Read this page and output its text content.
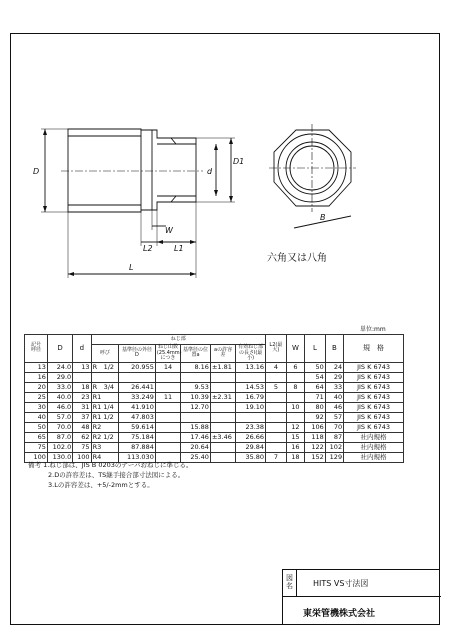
D	d
D1
L
L1
L2
W
B
六角又は八角
単位:mm
記号
呼径	D	d	ねじ部						L2(最大)	W	L	B	規　格
			呼び	基準径の外径D	ねじ山数(25.4mm)につき	基準径の位置a	aの許容差	有効ねじ部の長さl(最小)					
13	24.0	13	R　1/2	20.955	14	8.16	±1.81	13.16	4	6	50	24	JIS K 6743
16	29.0										54	29	JIS K 6743
20	33.0	18	R　3/4	26.441		9.53		14.53	5	8	64	33	JIS K 6743
25	40.0	23	R1	33.249	11	10.39	±2.31	16.79			71	40	JIS K 6743
30	46.0	31	R1 1/4	41.910		12.70		19.10		10	80	46	JIS K 6743
40	57.0	37	R1 1/2	47.803							92	57	JIS K 6743
50	70.0	48	R2	59.614		15.88		23.38		12	106	70	JIS K 6743
65	87.0	62	R2 1/2	75.184		17.46	±3.46	26.66		15	118	87	社内規格
75	102.0	75	R3	87.884		20.64		29.84		16	122	102	社内規格
100	130.0	100	R4	113.030		25.40		35.80	7	18	152	129	社内規格
備考 1.ねじ部は、JIS B 0203のテーパおねじに準じる。
2.Dの許容差は、TS継手接合部寸法図による。
3.Lの許容差は、+5/-2mmとする。
図名	HITS VS寸法図
東栄管機株式会社
